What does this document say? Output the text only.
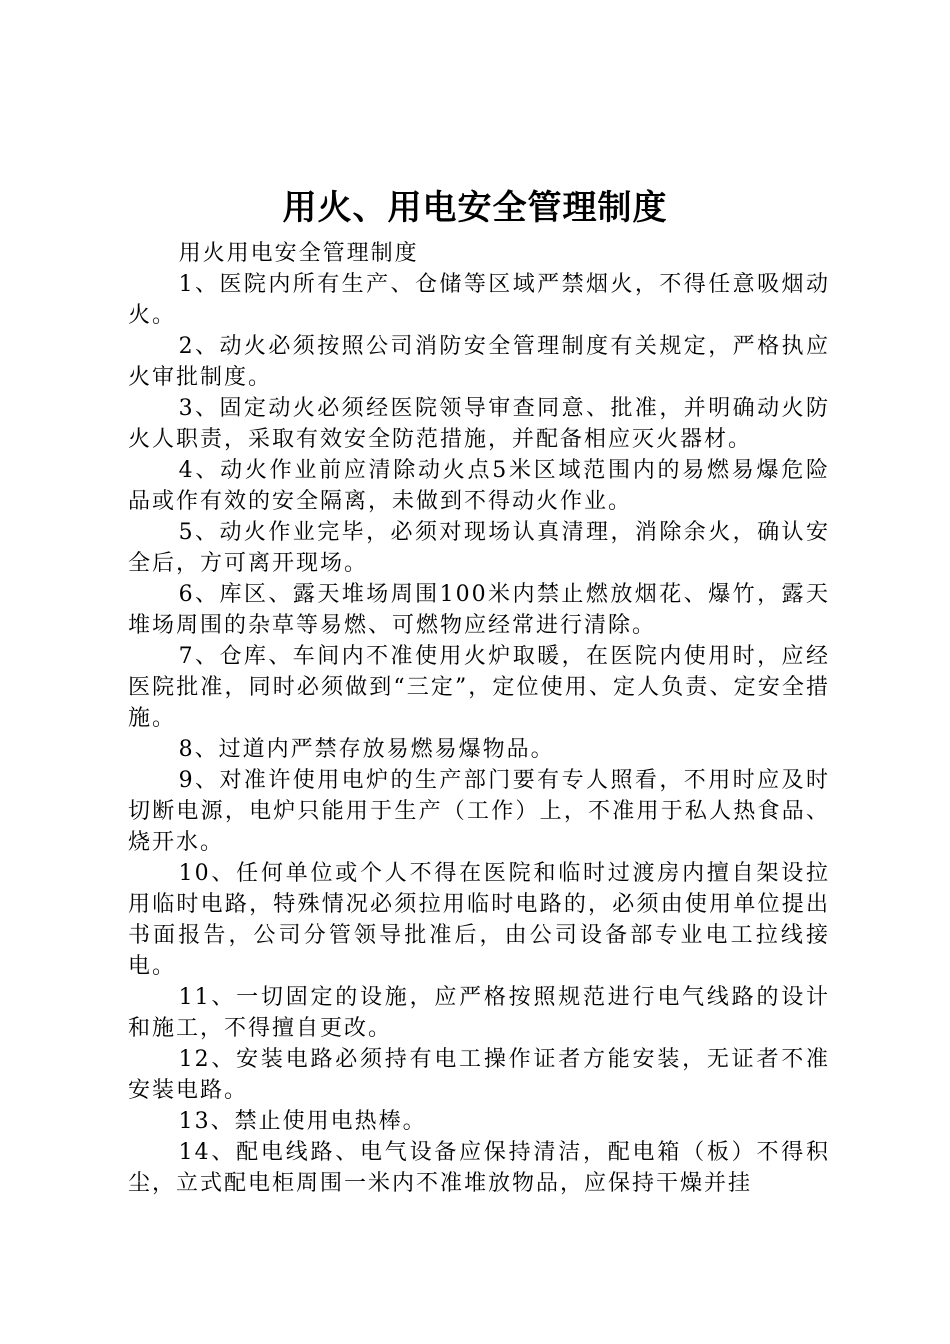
用火、用电安全管理制度

用火用电安全管理制度

1、医院内所有生产、仓储等区域严禁烟火，不得任意吸烟动火。

2、动火必须按照公司消防安全管理制度有关规定，严格执应火审批制度。

3、固定动火必须经医院领导审查同意、批准，并明确动火防火人职责，采取有效安全防范措施，并配备相应灭火器材。

4、动火作业前应清除动火点5米区域范围内的易燃易爆危险品或作有效的安全隔离，未做到不得动火作业。

5、动火作业完毕，必须对现场认真清理，消除余火，确认安全后，方可离开现场。

6、库区、露天堆场周围100米内禁止燃放烟花、爆竹，露天堆场周围的杂草等易燃、可燃物应经常进行清除。

7、仓库、车间内不准使用火炉取暖，在医院内使用时，应经医院批准，同时必须做到“三定”，定位使用、定人负责、定安全措施。

8、过道内严禁存放易燃易爆物品。

9、对准许使用电炉的生产部门要有专人照看，不用时应及时切断电源，电炉只能用于生产（工作）上，不准用于私人热食品、烧开水。

10、任何单位或个人不得在医院和临时过渡房内擅自架设拉用临时电路，特殊情况必须拉用临时电路的，必须由使用单位提出书面报告，公司分管领导批准后，由公司设备部专业电工拉线接电。

11、一切固定的设施，应严格按照规范进行电气线路的设计和施工，不得擅自更改。

12、安装电路必须持有电工操作证者方能安装，无证者不准安装电路。

13、禁止使用电热棒。

14、配电线路、电气设备应保持清洁，配电箱（板）不得积尘，立式配电柜周围一米内不准堆放物品，应保持干燥并挂
